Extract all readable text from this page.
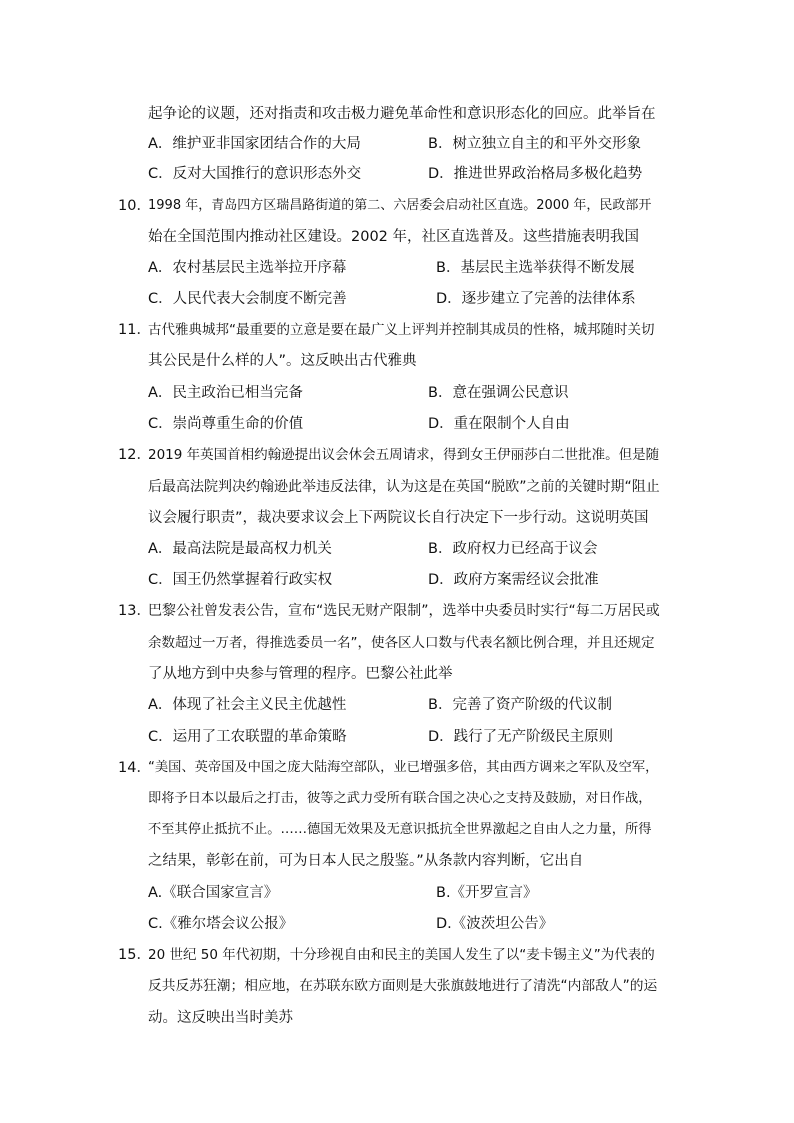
起争论的议题，还对指责和攻击极力避免革命性和意识形态化的回应。此举旨在
A．维护亚非国家团结合作的大局	B．树立独立自主的和平外交形象
C．反对大国推行的意识形态外交	D．推进世界政治格局多极化趋势
10．
1998 年，青岛四方区瑞昌路街道的第二、六居委会启动社区直选。2000 年，民政部开
始在全国范围内推动社区建设。2002 年，社区直选普及。这些措施表明我国
A．农村基层民主选举拉开序幕	B．基层民主选举获得不断发展
C．人民代表大会制度不断完善	D．逐步建立了完善的法律体系
11．
古代雅典城邦“最重要的立意是要在最广义上评判并控制其成员的性格，城邦随时关切
其公民是什么样的人”。这反映出古代雅典
A．民主政治已相当完备	B．意在强调公民意识
C．崇尚尊重生命的价值	D．重在限制个人自由
12．
2019 年英国首相约翰逊提出议会休会五周请求，得到女王伊丽莎白二世批准。但是随
后最高法院判决约翰逊此举违反法律，认为这是在英国“脱欧”之前的关键时期“阻止
议会履行职责”，裁决要求议会上下两院议长自行决定下一步行动。这说明英国
A．最高法院是最高权力机关	B．政府权力已经高于议会
C．国王仍然掌握着行政实权	D．政府方案需经议会批准
13．
巴黎公社曾发表公告，宣布“选民无财产限制”，选举中央委员时实行“每二万居民或
余数超过一万者，得推选委员一名”，使各区人口数与代表名额比例合理，并且还规定
了从地方到中央参与管理的程序。巴黎公社此举
A．体现了社会主义民主优越性	B．完善了资产阶级的代议制
C．运用了工农联盟的革命策略	D．践行了无产阶级民主原则
14．
“美国、英帝国及中国之庞大陆海空部队，业已增强多倍，其由西方调来之军队及空军，
即将予日本以最后之打击，彼等之武力受所有联合国之决心之支持及鼓励，对日作战，
不至其停止抵抗不止。……德国无效果及无意识抵抗全世界激起之自由人之力量，所得
之结果，彰彰在前，可为日本人民之殷鉴。”从条款内容判断，它出自
A.《联合国家宣言》	B.《开罗宣言》
C.《雅尔塔会议公报》	D.《波茨坦公告》
15．
20 世纪 50 年代初期，十分珍视自由和民主的美国人发生了以“麦卡锡主义”为代表的
反共反苏狂潮；相应地，在苏联东欧方面则是大张旗鼓地进行了清洗“内部敌人”的运
动。这反映出当时美苏
